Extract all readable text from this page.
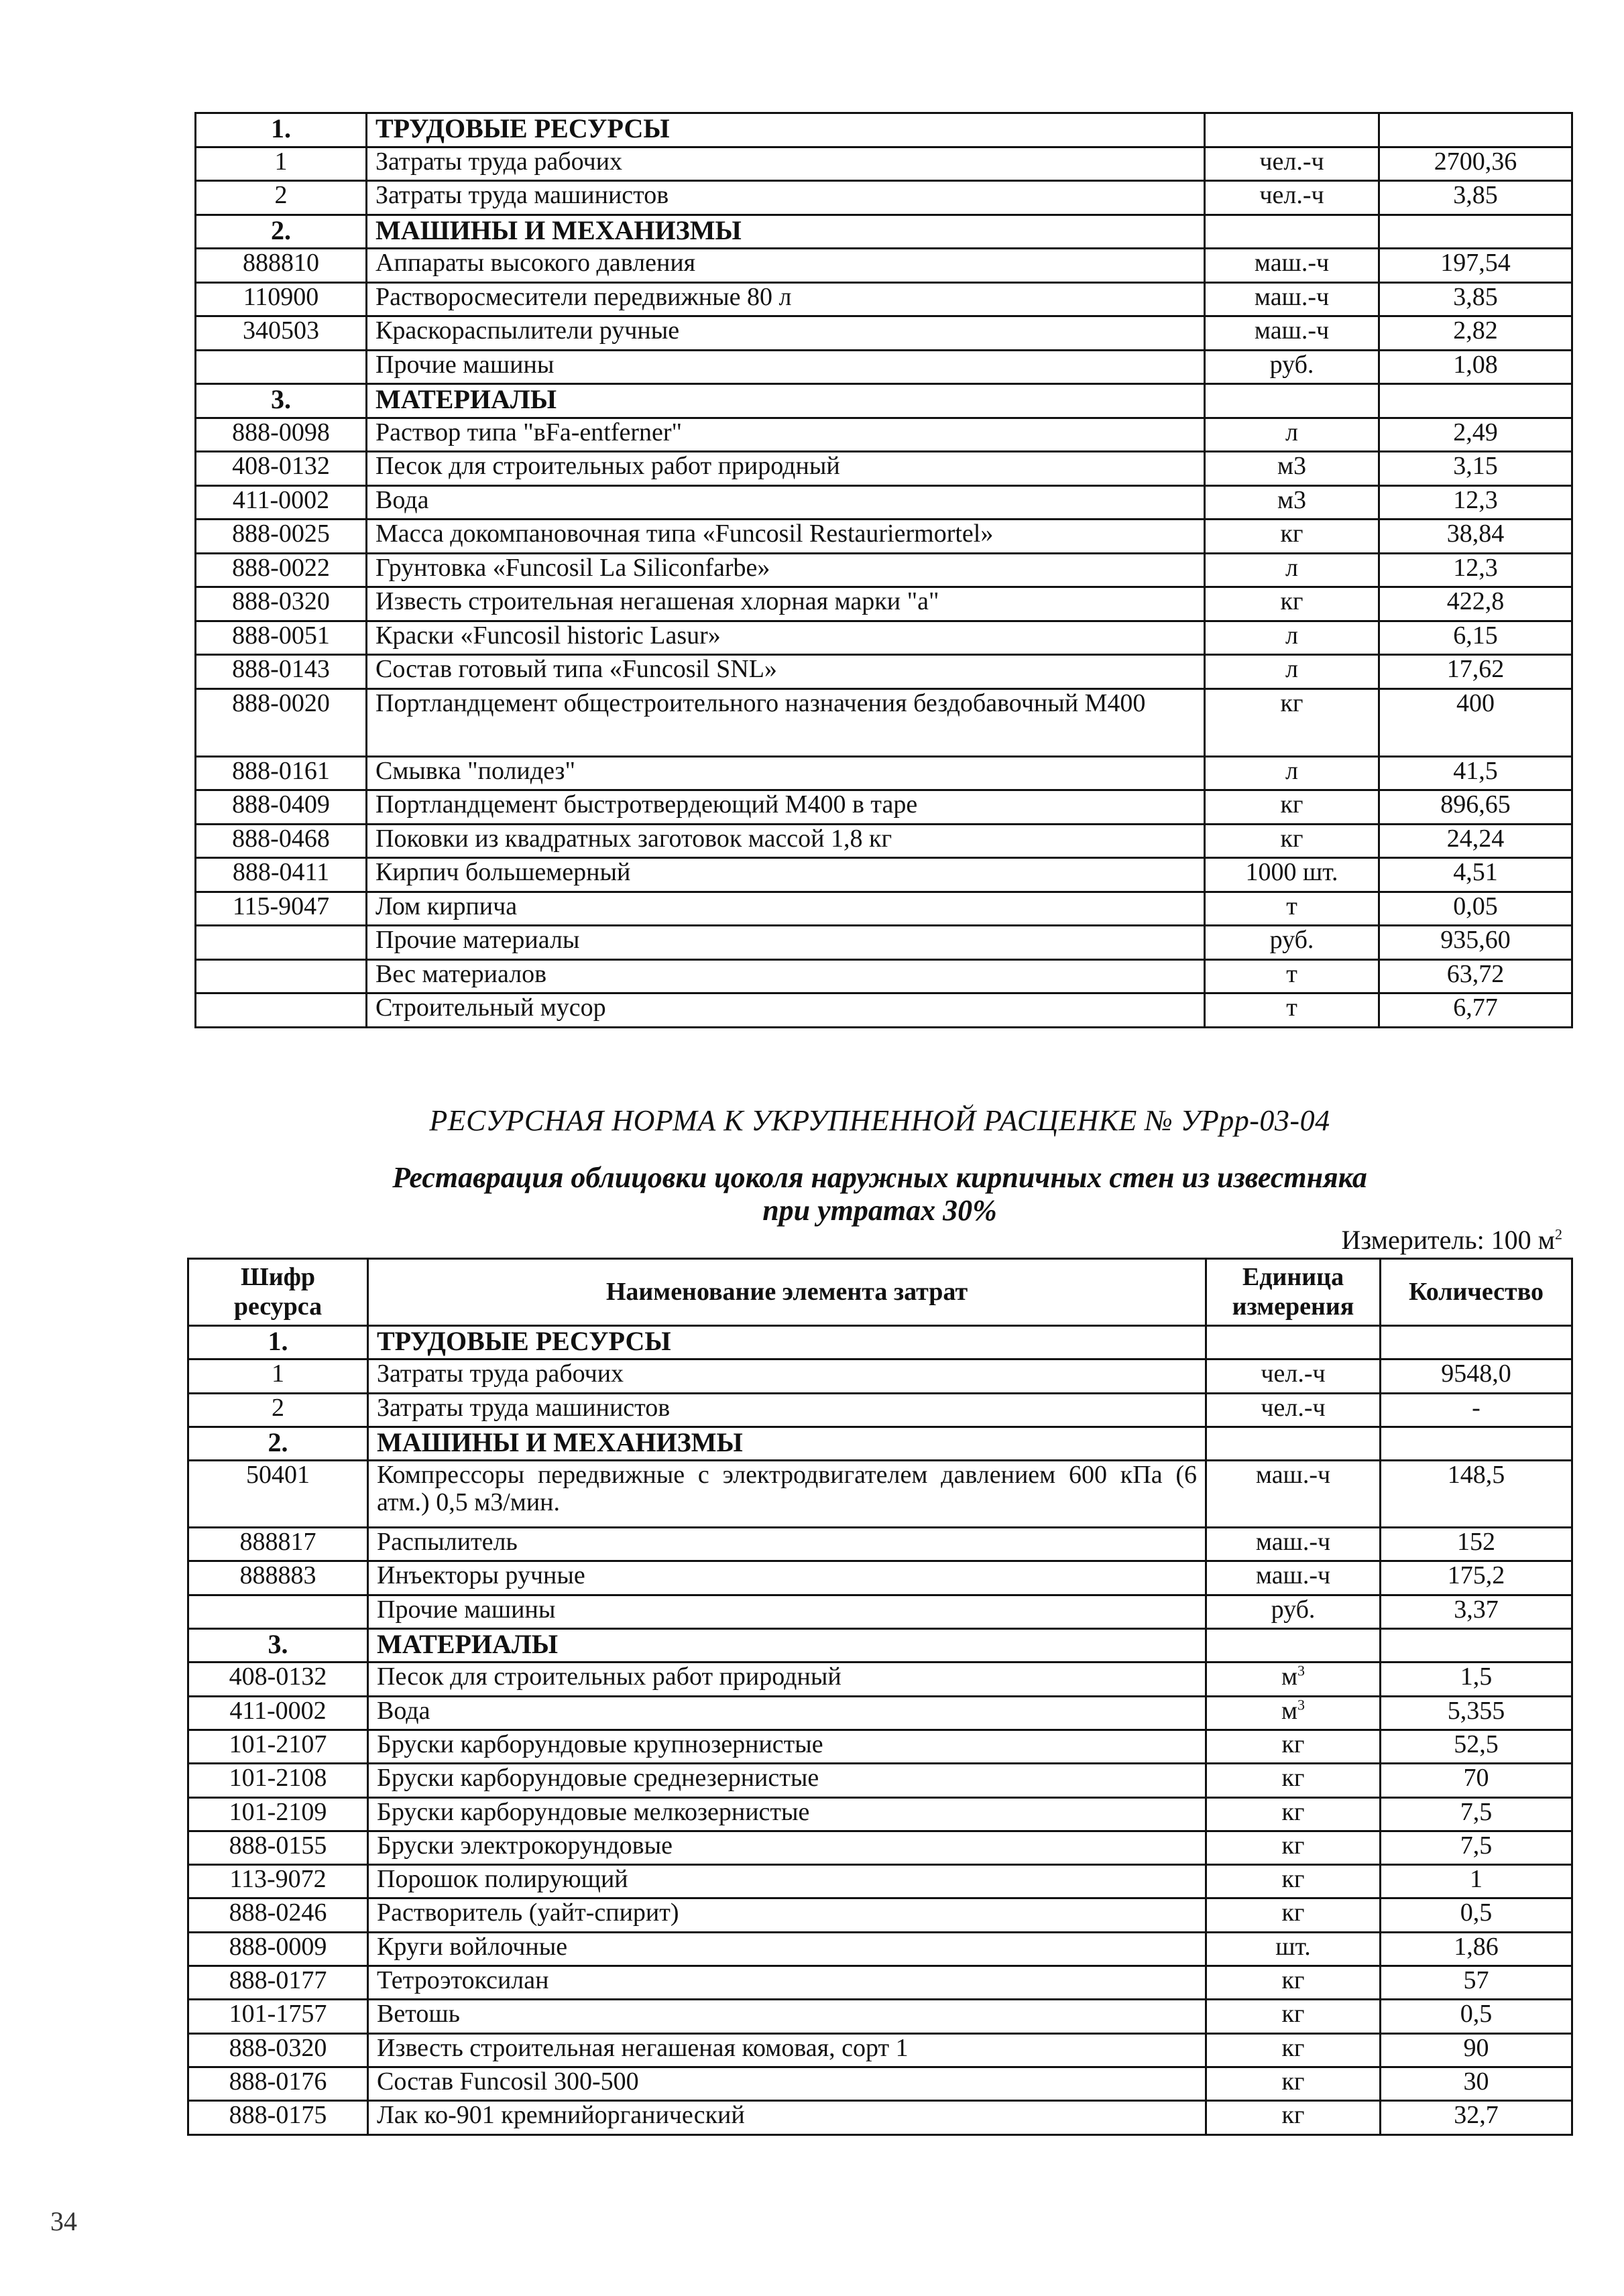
1.	ТРУДОВЫЕ РЕСУРСЫ		
1	Затраты труда рабочих	чел.-ч	2700,36
2	Затраты труда машинистов	чел.-ч	3,85
2.	МАШИНЫ И МЕХАНИЗМЫ		
888810	Аппараты высокого давления	маш.-ч	197,54
110900	Растворосмесители передвижные 80 л	маш.-ч	3,85
340503	Краскораспылители ручные	маш.-ч	2,82
	Прочие машины	руб.	1,08
3.	МАТЕРИАЛЫ		
888-0098	Раствор типа "вFa-entferner"	л	2,49
408-0132	Песок для строительных работ природный	м3	3,15
411-0002	Вода	м3	12,3
888-0025	Масса докомпановочная типа «Funcosil Restauriermortel»	кг	38,84
888-0022	Грунтовка «Funcosil La Siliconfarbe»	л	12,3
888-0320	Известь строительная негашеная хлорная марки "а"	кг	422,8
888-0051	Краски «Funcosil historic Lasur»	л	6,15
888-0143	Состав готовый типа «Funcosil SNL»	л	17,62
888-0020	Портландцемент общестроительного назначения бездобавочный М400	кг	400
888-0161	Смывка "полидез"	л	41,5
888-0409	Портландцемент быстротвердеющий М400 в таре	кг	896,65
888-0468	Поковки из квадратных заготовок массой 1,8 кг	кг	24,24
888-0411	Кирпич большемерный	1000 шт.	4,51
115-9047	Лом кирпича	т	0,05
	Прочие материалы	руб.	935,60
	Вес материалов	т	63,72
	Строительный мусор	т	6,77
РЕСУРСНАЯ НОРМА К УКРУПНЕННОЙ РАСЦЕНКЕ № УРрр-03-04
Реставрация облицовки цоколя наружных кирпичных стен из известняка
при утратах 30%
Измеритель: 100 $м^2$
Шифр ресурса	Наименование элемента затрат	Единица измерения	Количество
1.	ТРУДОВЫЕ РЕСУРСЫ		
1	Затраты труда рабочих	чел.-ч	9548,0
2	Затраты труда машинистов	чел.-ч	-
2.	МАШИНЫ И МЕХАНИЗМЫ		
50401	Компрессоры передвижные с электродвигателем давлением 600 кПа (6 атм.) 0,5 м3/мин.	маш.-ч	148,5
888817	Распылитель	маш.-ч	152
888883	Инъекторы ручные	маш.-ч	175,2
	Прочие машины	руб.	3,37
3.	МАТЕРИАЛЫ		
408-0132	Песок для строительных работ природный	$м^3$	1,5
411-0002	Вода	$м^3$	5,355
101-2107	Бруски карборундовые крупнозернистые	кг	52,5
101-2108	Бруски карборундовые среднезернистые	кг	70
101-2109	Бруски карборундовые мелкозернистые	кг	7,5
888-0155	Бруски электрокорундовые	кг	7,5
113-9072	Порошок полирующий	кг	1
888-0246	Растворитель (уайт-спирит)	кг	0,5
888-0009	Круги войлочные	шт.	1,86
888-0177	Тетроэтоксилан	кг	57
101-1757	Ветошь	кг	0,5
888-0320	Известь строительная негашеная комовая, сорт 1	кг	90
888-0176	Состав Funcosil 300-500	кг	30
888-0175	Лак ко-901 кремнийорганический	кг	32,7
34
